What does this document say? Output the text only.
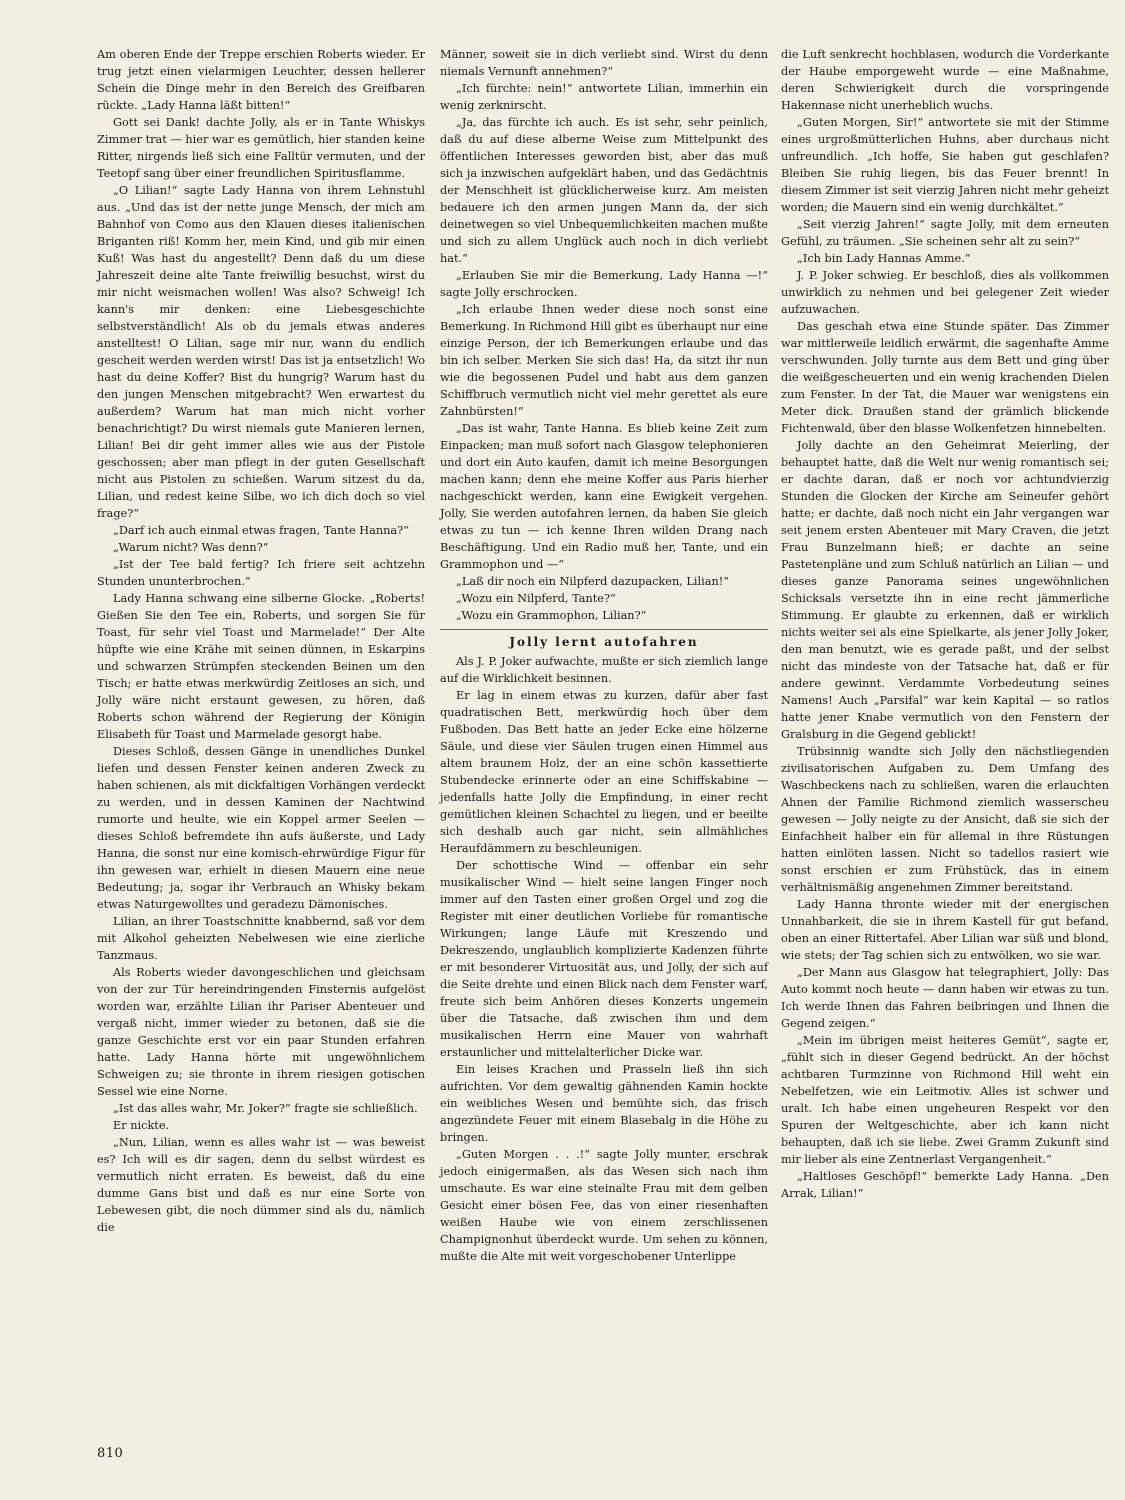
Am oberen Ende der Treppe erschien Roberts wieder. Er trug jetzt einen vielarmigen Leuchter, dessen hellerer Schein die Dinge mehr in den Bereich des Greifbaren rückte. „Lady Hanna läßt bitten!“

Gott sei Dank! dachte Jolly, als er in Tante Whiskys Zimmer trat — hier war es gemütlich, hier standen keine Ritter, nirgends ließ sich eine Falltür vermuten, und der Teetopf sang über einer freundlichen Spiritusflamme.

„O Lilian!“ sagte Lady Hanna von ihrem Lehnstuhl aus. „Und das ist der nette junge Mensch, der mich am Bahnhof von Como aus den Klauen dieses italienischen Briganten riß! Komm her, mein Kind, und gib mir einen Kuß! Was hast du angestellt? Denn daß du um diese Jahreszeit deine alte Tante freiwillig besuchst, wirst du mir nicht weismachen wollen! Was also? Schweig! Ich kann's mir denken: eine Liebesgeschichte selbstverständlich! Als ob du jemals etwas anderes anstelltest! O Lilian, sage mir nur, wann du endlich gescheit werden werden wirst! Das ist ja entsetzlich! Wo hast du deine Koffer? Bist du hungrig? Warum hast du den jungen Menschen mitgebracht? Wen erwartest du außerdem? Warum hat man mich nicht vorher benachrichtigt? Du wirst niemals gute Manieren lernen, Lilian! Bei dir geht immer alles wie aus der Pistole geschossen; aber man pflegt in der guten Gesellschaft nicht aus Pistolen zu schießen. Warum sitzest du da, Lilian, und redest keine Silbe, wo ich dich doch so viel frage?“

„Darf ich auch einmal etwas fragen, Tante Hanna?“

„Warum nicht? Was denn?“

„Ist der Tee bald fertig? Ich friere seit achtzehn Stunden ununterbrochen.“

Lady Hanna schwang eine silberne Glocke. „Roberts! Gießen Sie den Tee ein, Roberts, und sorgen Sie für Toast, für sehr viel Toast und Marmelade!“ Der Alte hüpfte wie eine Krähe mit seinen dünnen, in Eskarpins und schwarzen Strümpfen steckenden Beinen um den Tisch; er hatte etwas merkwürdig Zeitloses an sich, und Jolly wäre nicht erstaunt gewesen, zu hören, daß Roberts schon während der Regierung der Königin Elisabeth für Toast und Marmelade gesorgt habe.

Dieses Schloß, dessen Gänge in unendliches Dunkel liefen und dessen Fenster keinen anderen Zweck zu haben schienen, als mit dickfaltigen Vorhängen verdeckt zu werden, und in dessen Kaminen der Nachtwind rumorte und heulte, wie ein Koppel armer Seelen — dieses Schloß befremdete ihn aufs äußerste, und Lady Hanna, die sonst nur eine komisch-ehrwürdige Figur für ihn gewesen war, erhielt in diesen Mauern eine neue Bedeutung; ja, sogar ihr Verbrauch an Whisky bekam etwas Naturgewolltes und geradezu Dämonisches.

Lilian, an ihrer Toastschnitte knabbernd, saß vor dem mit Alkohol geheizten Nebelwesen wie eine zierliche Tanzmaus.

Als Roberts wieder davongeschlichen und gleichsam von der zur Tür hereindringenden Finsternis aufgelöst worden war, erzählte Lilian ihr Pariser Abenteuer und vergaß nicht, immer wieder zu betonen, daß sie die ganze Geschichte erst vor ein paar Stunden erfahren hatte. Lady Hanna hörte mit ungewöhnlichem Schweigen zu; sie thronte in ihrem riesigen gotischen Sessel wie eine Norne.

„Ist das alles wahr, Mr. Joker?“ fragte sie schließlich.

Er nickte.

„Nun, Lilian, wenn es alles wahr ist — was beweist es? Ich will es dir sagen, denn du selbst würdest es vermutlich nicht erraten. Es beweist, daß du eine dumme Gans bist und daß es nur eine Sorte von Lebewesen gibt, die noch dümmer sind als du, nämlich die

Männer, soweit sie in dich verliebt sind. Wirst du denn niemals Vernunft annehmen?“

„Ich fürchte: nein!“ antwortete Lilian, immerhin ein wenig zerknirscht.

„Ja, das fürchte ich auch. Es ist sehr, sehr peinlich, daß du auf diese alberne Weise zum Mittelpunkt des öffentlichen Interesses geworden bist, aber das muß sich ja inzwischen aufgeklärt haben, und das Gedächtnis der Menschheit ist glücklicherweise kurz. Am meisten bedauere ich den armen jungen Mann da, der sich deinetwegen so viel Unbequemlichkeiten machen mußte und sich zu allem Unglück auch noch in dich verliebt hat.“

„Erlauben Sie mir die Bemerkung, Lady Hanna —!“ sagte Jolly erschrocken.

„Ich erlaube Ihnen weder diese noch sonst eine Bemerkung. In Richmond Hill gibt es überhaupt nur eine einzige Person, der ich Bemerkungen erlaube und das bin ich selber. Merken Sie sich das! Ha, da sitzt ihr nun wie die begossenen Pudel und habt aus dem ganzen Schiffbruch vermutlich nicht viel mehr gerettet als eure Zahnbürsten!“

„Das ist wahr, Tante Hanna. Es blieb keine Zeit zum Einpacken; man muß sofort nach Glasgow telephonieren und dort ein Auto kaufen, damit ich meine Besorgungen machen kann; denn ehe meine Koffer aus Paris hierher nachgeschickt werden, kann eine Ewigkeit vergehen. Jolly, Sie werden autofahren lernen, da haben Sie gleich etwas zu tun — ich kenne Ihren wilden Drang nach Beschäftigung. Und ein Radio muß her, Tante, und ein Grammophon und —“

„Laß dir noch ein Nilpferd dazupacken, Lilian!“

„Wozu ein Nilpferd, Tante?“

„Wozu ein Grammophon, Lilian?“

Jolly lernt autofahren

Als J. P. Joker aufwachte, mußte er sich ziemlich lange auf die Wirklichkeit besinnen.

Er lag in einem etwas zu kurzen, dafür aber fast quadratischen Bett, merkwürdig hoch über dem Fußboden. Das Bett hatte an jeder Ecke eine hölzerne Säule, und diese vier Säulen trugen einen Himmel aus altem braunem Holz, der an eine schön kassettierte Stubendecke erinnerte oder an eine Schiffskabine — jedenfalls hatte Jolly die Empfindung, in einer recht gemütlichen kleinen Schachtel zu liegen, und er beeilte sich deshalb auch gar nicht, sein allmähliches Heraufdämmern zu beschleunigen.

Der schottische Wind — offenbar ein sehr musikalischer Wind — hielt seine langen Finger noch immer auf den Tasten einer großen Orgel und zog die Register mit einer deutlichen Vorliebe für romantische Wirkungen; lange Läufe mit Kreszendo und Dekreszendo, unglaublich komplizierte Kadenzen führte er mit besonderer Virtuosität aus, und Jolly, der sich auf die Seite drehte und einen Blick nach dem Fenster warf, freute sich beim Anhören dieses Konzerts ungemein über die Tatsache, daß zwischen ihm und dem musikalischen Herrn eine Mauer von wahrhaft erstaunlicher und mittelalterlicher Dicke war.

Ein leises Krachen und Prasseln ließ ihn sich aufrichten. Vor dem gewaltig gähnenden Kamin hockte ein weibliches Wesen und bemühte sich, das frisch angezündete Feuer mit einem Blasebalg in die Höhe zu bringen.

„Guten Morgen . . .!“ sagte Jolly munter, erschrak jedoch einigermaßen, als das Wesen sich nach ihm umschaute. Es war eine steinalte Frau mit dem gelben Gesicht einer bösen Fee, das von einer riesenhaften weißen Haube wie von einem zerschlissenen Champignonhut überdeckt wurde. Um sehen zu können, mußte die Alte mit weit vorgeschobener Unterlippe

die Luft senkrecht hochblasen, wodurch die Vorderkante der Haube emporgeweht wurde — eine Maßnahme, deren Schwierigkeit durch die vorspringende Hakennase nicht unerheblich wuchs.

„Guten Morgen, Sir!“ antwortete sie mit der Stimme eines urgroßmütterlichen Huhns, aber durchaus nicht unfreundlich. „Ich hoffe, Sie haben gut geschlafen? Bleiben Sie ruhig liegen, bis das Feuer brennt! In diesem Zimmer ist seit vierzig Jahren nicht mehr geheizt worden; die Mauern sind ein wenig durchkältet.“

„Seit vierzig Jahren!“ sagte Jolly, mit dem erneuten Gefühl, zu träumen. „Sie scheinen sehr alt zu sein?“

„Ich bin Lady Hannas Amme.“

J. P. Joker schwieg. Er beschloß, dies als vollkommen unwirklich zu nehmen und bei gelegener Zeit wieder aufzuwachen.

Das geschah etwa eine Stunde später. Das Zimmer war mittlerweile leidlich erwärmt, die sagenhafte Amme verschwunden. Jolly turnte aus dem Bett und ging über die weißgescheuerten und ein wenig krachenden Dielen zum Fenster. In der Tat, die Mauer war wenigstens ein Meter dick. Draußen stand der grämlich blickende Fichtenwald, über den blasse Wolkenfetzen hinnebelten.

Jolly dachte an den Geheimrat Meierling, der behauptet hatte, daß die Welt nur wenig romantisch sei; er dachte daran, daß er noch vor achtundvierzig Stunden die Glocken der Kirche am Seineufer gehört hatte; er dachte, daß noch nicht ein Jahr vergangen war seit jenem ersten Abenteuer mit Mary Craven, die jetzt Frau Bunzelmann hieß; er dachte an seine Pastetenpläne und zum Schluß natürlich an Lilian — und dieses ganze Panorama seines ungewöhnlichen Schicksals versetzte ihn in eine recht jämmerliche Stimmung. Er glaubte zu erkennen, daß er wirklich nichts weiter sei als eine Spielkarte, als jener Jolly Joker, den man benutzt, wie es gerade paßt, und der selbst nicht das mindeste von der Tatsache hat, daß er für andere gewinnt. Verdammte Vorbedeutung seines Namens! Auch „Parsifal“ war kein Kapital — so ratlos hatte jener Knabe vermutlich von den Fenstern der Gralsburg in die Gegend geblickt!

Trübsinnig wandte sich Jolly den nächstliegenden zivilisatorischen Aufgaben zu. Dem Umfang des Waschbeckens nach zu schließen, waren die erlauchten Ahnen der Familie Richmond ziemlich wasserscheu gewesen — Jolly neigte zu der Ansicht, daß sie sich der Einfachheit halber ein für allemal in ihre Rüstungen hatten einlöten lassen. Nicht so tadellos rasiert wie sonst erschien er zum Frühstück, das in einem verhältnismäßig angenehmen Zimmer bereitstand.

Lady Hanna thronte wieder mit der energischen Unnahbarkeit, die sie in ihrem Kastell für gut befand, oben an einer Rittertafel. Aber Lilian war süß und blond, wie stets; der Tag schien sich zu entwölken, wo sie war.

„Der Mann aus Glasgow hat telegraphiert, Jolly: Das Auto kommt noch heute — dann haben wir etwas zu tun. Ich werde Ihnen das Fahren beibringen und Ihnen die Gegend zeigen.“

„Mein im übrigen meist heiteres Gemüt“, sagte er, „fühlt sich in dieser Gegend bedrückt. An der höchst achtbaren Turmzinne von Richmond Hill weht ein Nebelfetzen, wie ein Leitmotiv. Alles ist schwer und uralt. Ich habe einen ungeheuren Respekt vor den Spuren der Weltgeschichte, aber ich kann nicht behaupten, daß ich sie liebe. Zwei Gramm Zukunft sind mir lieber als eine Zentnerlast Vergangenheit.“

„Haltloses Geschöpf!“ bemerkte Lady Hanna. „Den Arrak, Lilian!“

810
